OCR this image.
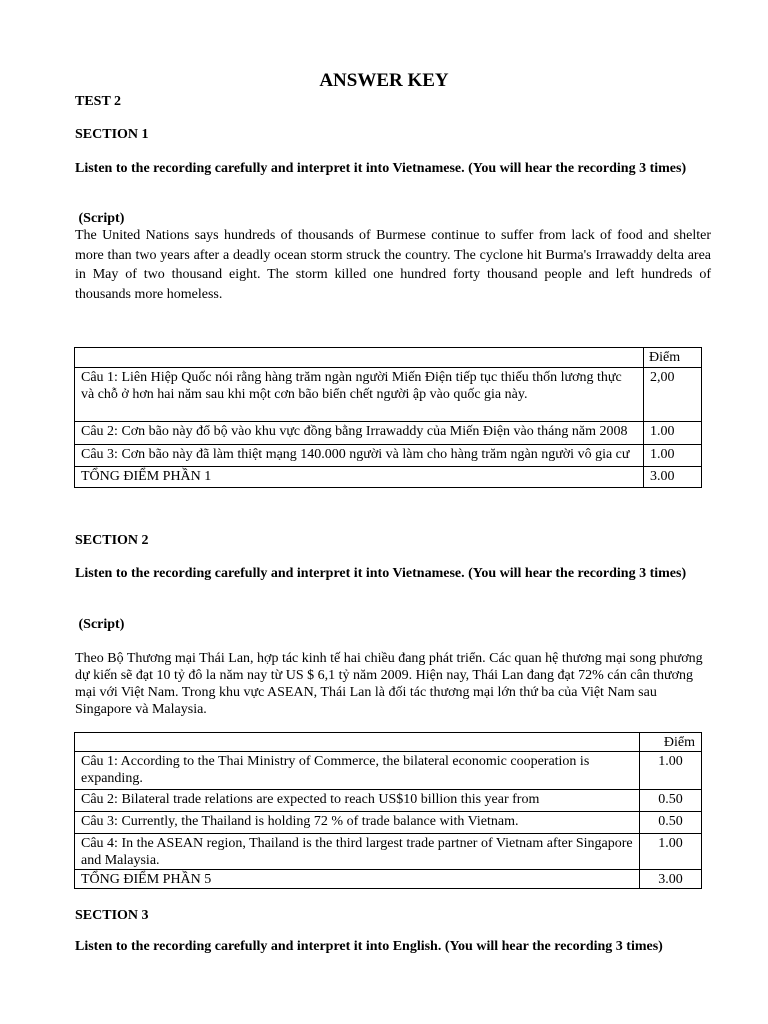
ANSWER KEY
TEST 2
SECTION 1
Listen to the recording carefully and interpret it into Vietnamese. (You will hear the recording 3 times)
(Script)
The United Nations says hundreds of thousands of Burmese continue to suffer from lack of food and shelter more than two years after a deadly ocean storm struck the country. The cyclone hit Burma's Irrawaddy delta area in May of two thousand eight. The storm killed one hundred forty thousand people and left hundreds of thousands more homeless.
	Điểm
Câu 1: Liên Hiệp Quốc nói rằng hàng trăm ngàn người Miến Điện tiếp tục thiếu thốn lương thực và chỗ ở hơn hai năm sau khi một cơn bão biển chết người ập vào quốc gia này.	2,00

Câu 2: Cơn bão này đổ bộ vào khu vực đồng bằng Irrawaddy của Miến Điện vào tháng năm 2008	1.00

Câu 3: Cơn bão này đã làm thiệt mạng 140.000 người và làm cho hàng trăm ngàn người vô gia cư	1.00
TỔNG ĐIỂM PHẦN 1	3.00
SECTION 2
Listen to the recording carefully and interpret it into Vietnamese. (You will hear the recording 3 times)
(Script)
Theo Bộ Thương mại Thái Lan, hợp tác kinh tế hai chiều đang phát triển. Các quan hệ thương mại song phương dự kiến sẽ đạt 10 tỷ đô la năm nay từ US $ 6,1 tỷ năm 2009. Hiện nay, Thái Lan đang đạt 72% cán cân thương mại với Việt Nam. Trong khu vực ASEAN, Thái Lan là đối tác thương mại lớn thứ ba của Việt Nam sau Singapore và Malaysia.
	Điểm
Câu 1: According to the Thai Ministry of Commerce, the bilateral economic cooperation is expanding.	1.00
Câu 2: Bilateral trade relations are expected to reach US$10 billion this year from	0.50
Câu 3: Currently, the Thailand is holding 72 % of trade balance with Vietnam.	0.50
Câu 4: In the ASEAN region, Thailand is the third largest trade partner of Vietnam after Singapore and Malaysia.	1.00
TỔNG ĐIỂM PHẦN 5	3.00
SECTION 3
Listen to the recording carefully and interpret it into English. (You will hear the recording 3 times)
